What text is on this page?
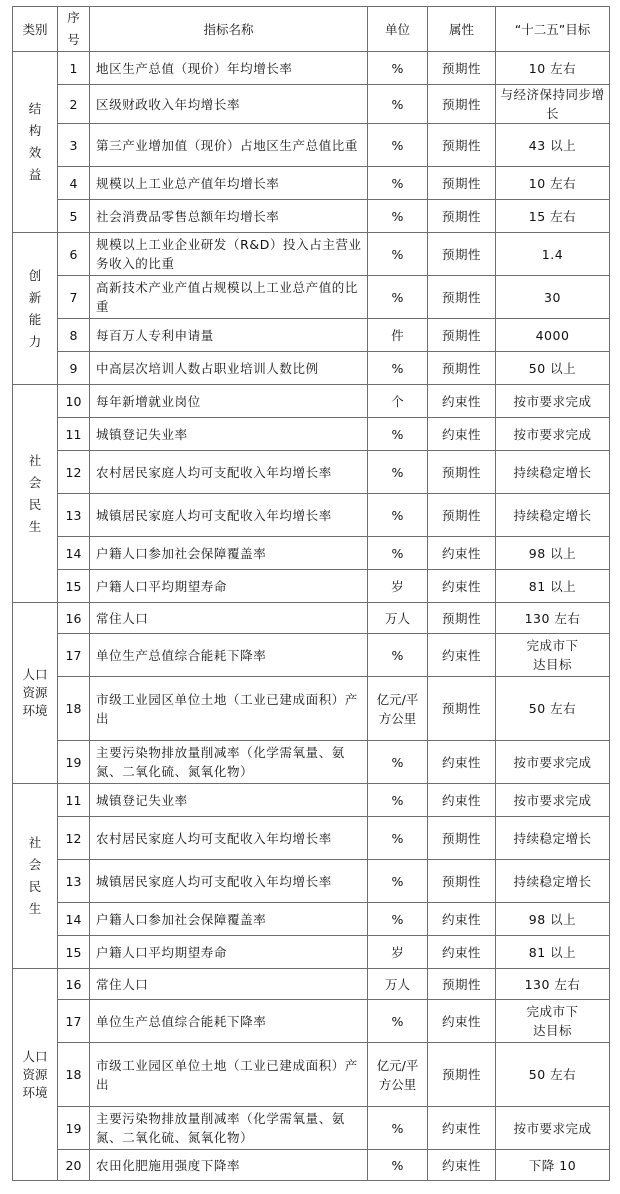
类别	序号	指标名称	单位	属性	“十二五”目标
结构效益	1	地区生产总值（现价）年均增长率	%	预期性	10 左右
	2	区级财政收入年均增长率	%	预期性	与经济保持同步增长
	3	第三产业增加值（现价）占地区生产总值比重	%	预期性	43 以上
	4	规模以上工业总产值年均增长率	%	预期性	10 左右
	5	社会消费品零售总额年均增长率	%	预期性	15 左右
创新能力	6	规模以上工业企业研发（R&D）投入占主营业务收入的比重	%	预期性	1.4
	7	高新技术产业产值占规模以上工业总产值的比重	%	预期性	30
	8	每百万人专利申请量	件	预期性	4000
	9	中高层次培训人数占职业培训人数比例	%	预期性	50 以上
社会民生	10	每年新增就业岗位	个	约束性	按市要求完成
	11	城镇登记失业率	%	约束性	按市要求完成
	12	农村居民家庭人均可支配收入年均增长率	%	预期性	持续稳定增长
	13	城镇居民家庭人均可支配收入年均增长率	%	预期性	持续稳定增长
	14	户籍人口参加社会保障覆盖率	%	约束性	98 以上
	15	户籍人口平均期望寿命	岁	约束性	81 以上
人口资源环境	16	常住人口	万人	预期性	130 左右
	17	单位生产总值综合能耗下降率	%	约束性	完成市下达目标
	18	市级工业园区单位土地（工业已建成面积）产出	亿元/平方公里	预期性	50 左右
	19	主要污染物排放量削减率（化学需氧量、氨氮、二氧化硫、氮氧化物）	%	约束性	按市要求完成
社会民生	11	城镇登记失业率	%	约束性	按市要求完成
	12	农村居民家庭人均可支配收入年均增长率	%	预期性	持续稳定增长
	13	城镇居民家庭人均可支配收入年均增长率	%	预期性	持续稳定增长
	14	户籍人口参加社会保障覆盖率	%	约束性	98 以上
	15	户籍人口平均期望寿命	岁	约束性	81 以上
人口资源环境	16	常住人口	万人	预期性	130 左右
	17	单位生产总值综合能耗下降率	%	约束性	完成市下达目标
	18	市级工业园区单位土地（工业已建成面积）产出	亿元/平方公里	预期性	50 左右
	19	主要污染物排放量削减率（化学需氧量、氨氮、二氧化硫、氮氧化物）	%	约束性	按市要求完成
	20	农田化肥施用强度下降率	%	约束性	下降 10
